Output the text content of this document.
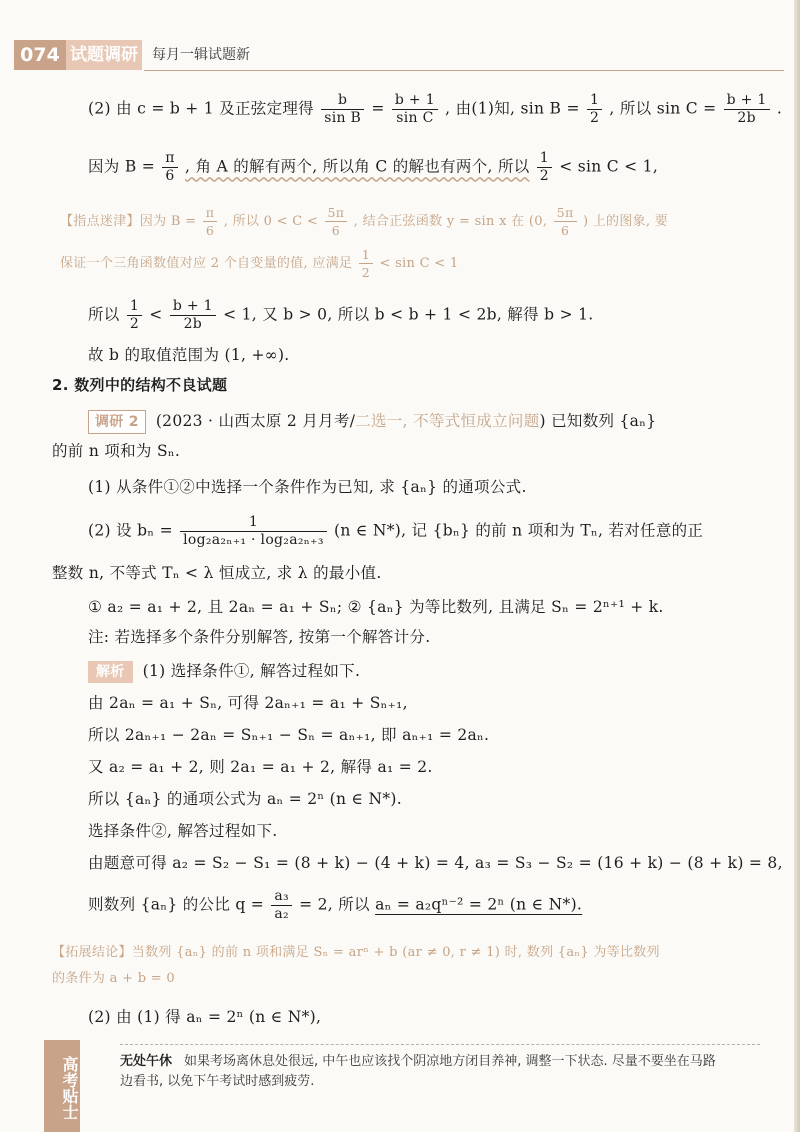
074 试题调研 每月一辑试题新
(2) 由 c = b + 1 及正弦定理得 $\frac{b}{\text{sin B}} = \frac{b + 1}{\text{sin C}}$ , 由(1)知, $\sin B = \frac{1}{2}$ , 所以 $\sin C = \frac{b + 1}{2b}$ .
因为 $B = \frac{\pi}{6}$ , 角 A 的解有两个, 所以角 C 的解也有两个, 所以 $\frac{1}{2} < \sin C < 1$,
【指点迷津】因为 $B = \frac{\pi}{6}$ , 所以 $0 < C < \frac{5\pi}{6}$ , 结合正弦函数 y = sin x 在 (0, $\frac{5\pi}{6}$ ) 上的图象, 要
保证一个三角函数值对应 2 个自变量的值, 应满足 $\frac{1}{2} < \sin C < 1$
所以 $\frac{1}{2} < \frac{b + 1}{2b} < 1$, 又 b > 0, 所以 b < b + 1 < 2b, 解得 b > 1.
故 b 的取值范围为 (1, +∞).
2. 数列中的结构不良试题
调研 2 (2023 · 山西太原 2 月月考/二选一, 不等式恒成立问题) 已知数列 {aₙ}
的前 n 项和为 Sₙ.
(1) 从条件①②中选择一个条件作为已知, 求 {aₙ} 的通项公式.
(2) 设 $b_n = \frac{1}{\text{log₂a₂ₙ₊₁ · log₂a₂ₙ₊₃}} (n$ ∈ N*), 记 {bₙ} 的前 n 项和为 Tₙ, 若对任意的正
整数 n, 不等式 Tₙ < λ 恒成立, 求 λ 的最小值.
① a₂ = a₁ + 2, 且 2aₙ = a₁ + Sₙ; ② {aₙ} 为等比数列, 且满足 Sₙ = 2ⁿ⁺¹ + k.
注: 若选择多个条件分别解答, 按第一个解答计分.
解析 (1) 选择条件①, 解答过程如下.
由 2aₙ = a₁ + Sₙ, 可得 2aₙ₊₁ = a₁ + Sₙ₊₁,
所以 2aₙ₊₁ − 2aₙ = Sₙ₊₁ − Sₙ = aₙ₊₁, 即 aₙ₊₁ = 2aₙ.
又 a₂ = a₁ + 2, 则 2a₁ = a₁ + 2, 解得 a₁ = 2.
所以 {aₙ} 的通项公式为 aₙ = 2ⁿ (n ∈ N*).
选择条件②, 解答过程如下.
由题意可得 a₂ = S₂ − S₁ = (8 + k) − (4 + k) = 4, a₃ = S₃ − S₂ = (16 + k) − (8 + k) = 8,
则数列 {aₙ} 的公比 $q = \frac{\text{a₃}}{\text{a₂}} = 2$, 所以 aₙ = a₂qⁿ⁻² = 2ⁿ (n ∈ N*).
【拓展结论】当数列 {aₙ} 的前 n 项和满足 Sₙ = arⁿ + b (ar ≠ 0, r ≠ 1) 时, 数列 {aₙ} 为等比数列
的条件为 a + b = 0
(2) 由 (1) 得 aₙ = 2ⁿ (n ∈ N*),
高考贴士	无处午休 如果考场离休息处很远, 中午也应该找个阴凉地方闭目养神, 调整一下状态. 尽量不要坐在马路边看书, 以免下午考试时感到疲劳.
